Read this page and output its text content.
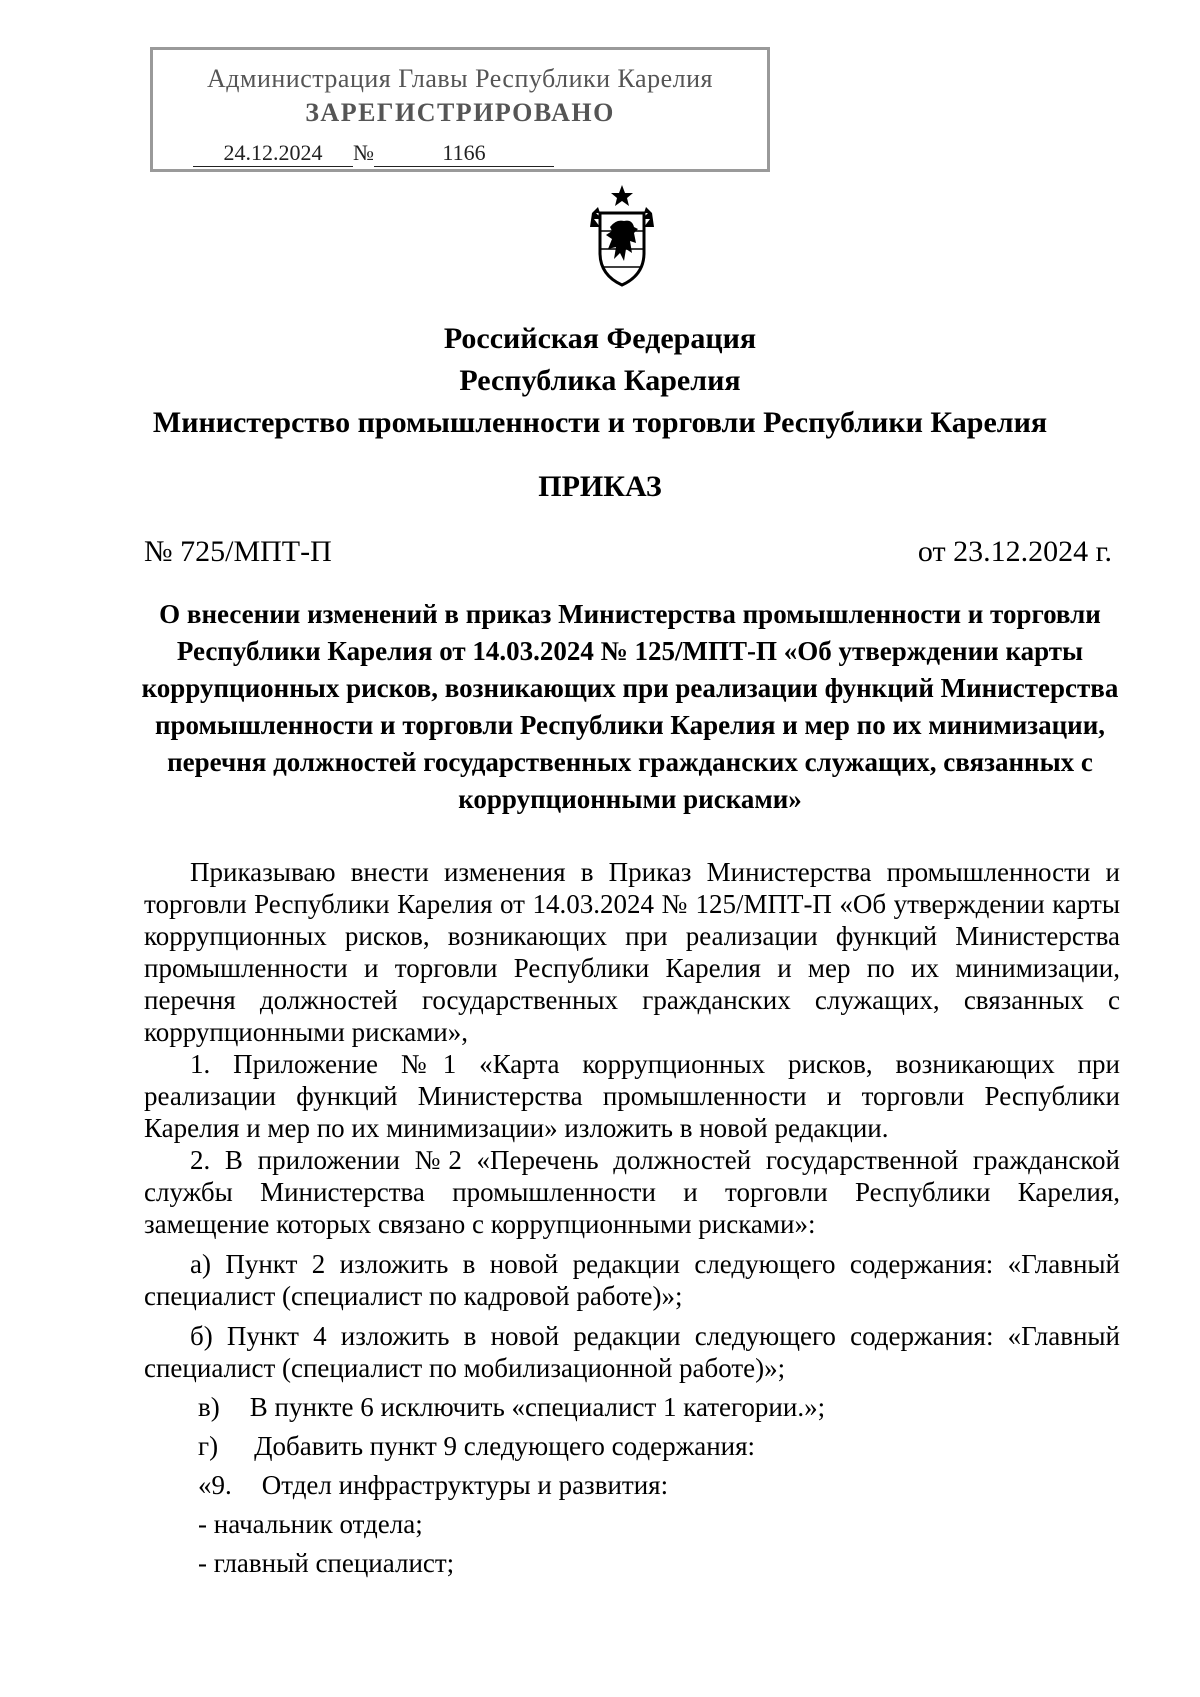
Администрация Главы Республики Карелия
ЗАРЕГИСТРИРОВАНО
24.12.2024 №	1166
Российская Федерация
Республика Карелия
Министерство промышленности и торговли Республики Карелия
ПРИКАЗ
№ 725/МПТ-П	от 23.12.2024 г.
О внесении изменений в приказ Министерства промышленности и торговли Республики Карелия от 14.03.2024 № 125/МПТ-П «Об утверждении карты коррупционных рисков, возникающих при реализации функций Министерства промышленности и торговли Республики Карелия и мер по их минимизации, перечня должностей государственных гражданских служащих, связанных с коррупционными рисками»

Приказываю внести изменения в Приказ Министерства промышленности и торговли Республики Карелия от 14.03.2024 № 125/МПТ-П «Об утверждении карты коррупционных рисков, возникающих при реализации функций Министерства промышленности и торговли Республики Карелия и мер по их минимизации, перечня должностей государственных гражданских служащих, связанных с коррупционными рисками»,

1. Приложение №1 «Карта коррупционных рисков, возникающих при реализации функций Министерства промышленности и торговли Республики Карелия и мер по их минимизации» изложить в новой редакции.

2. В приложении №2 «Перечень должностей государственной гражданской службы Министерства промышленности и торговли Республики Карелия, замещение которых связано с коррупционными рисками»:

а) Пункт 2 изложить в новой редакции следующего содержания: «Главный специалист (специалист по кадровой работе)»;

б) Пункт 4 изложить в новой редакции следующего содержания: «Главный специалист (специалист по мобилизационной работе)»;

в) В пункте 6 исключить «специалист 1 категории.»;

г) Добавить пункт 9 следующего содержания:

«9. Отдел инфраструктуры и развития:

- начальник отдела;

- главный специалист;
